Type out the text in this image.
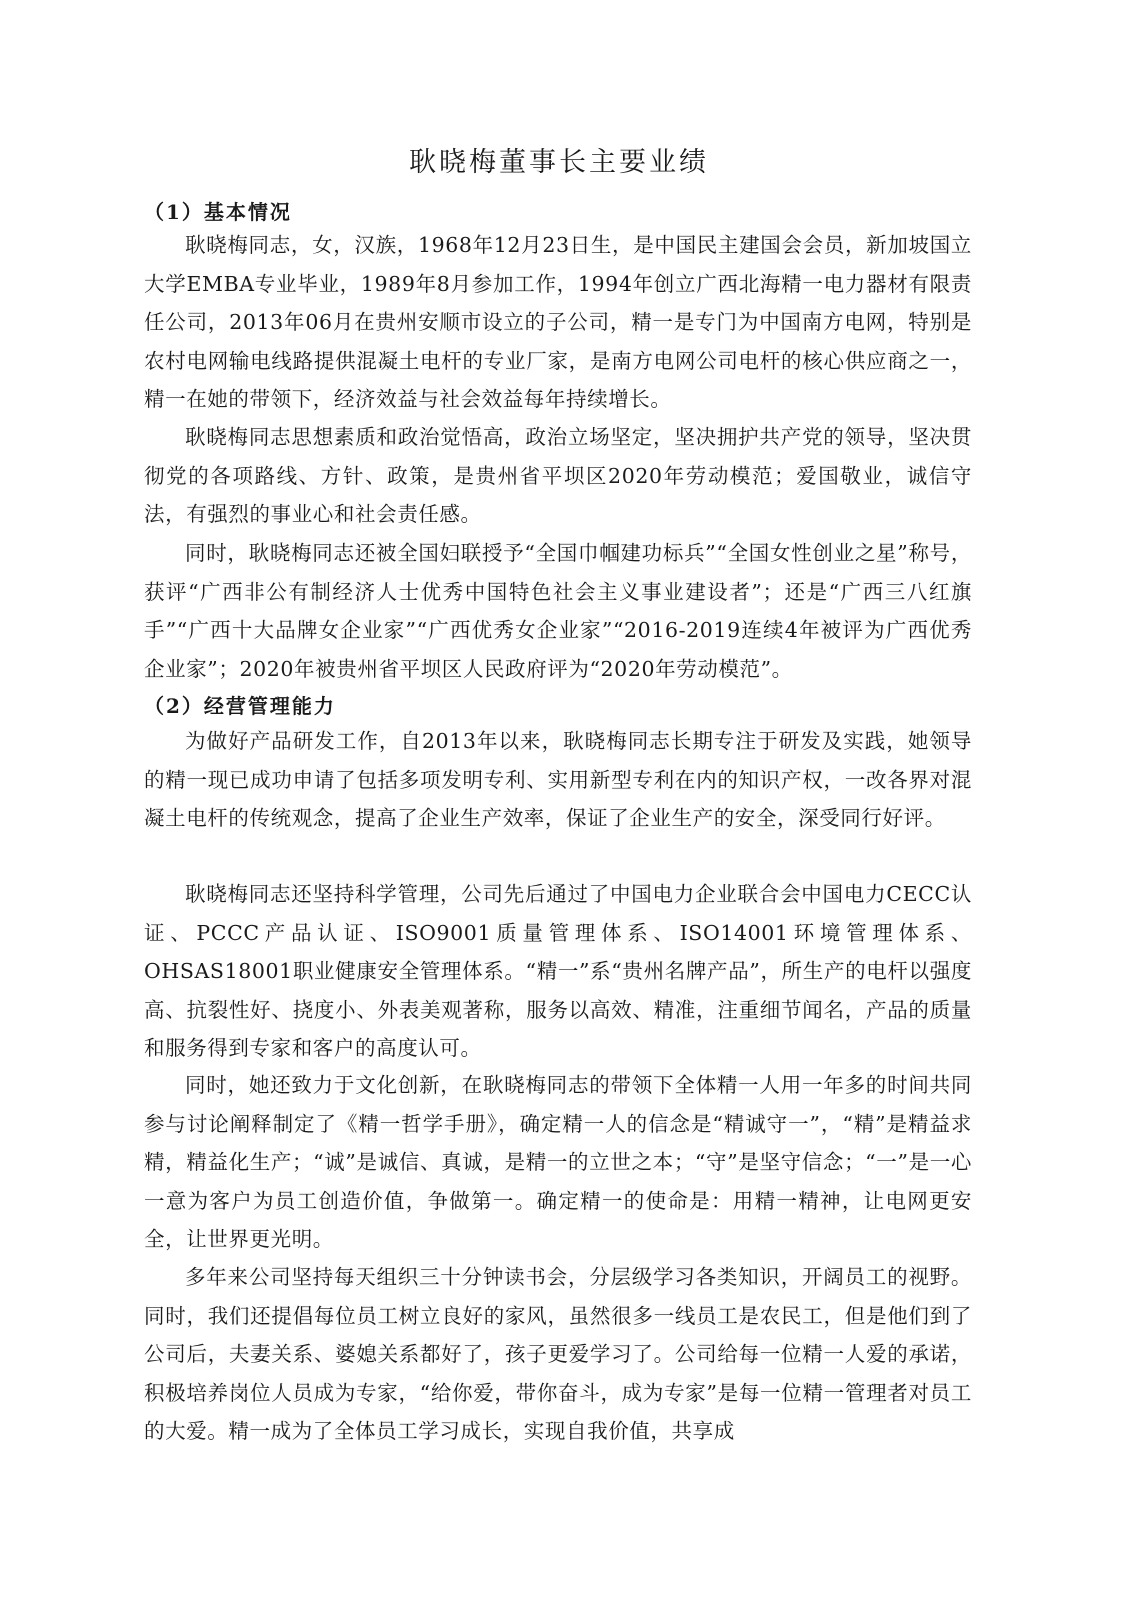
耿晓梅董事长主要业绩
（1）基本情况

耿晓梅同志，女，汉族，1968年12月23日生，是中国民主建国会会员，新加坡国立大学EMBA专业毕业，1989年8月参加工作，1994年创立广西北海精一电力器材有限责任公司，2013年06月在贵州安顺市设立的子公司，精一是专门为中国南方电网，特别是农村电网输电线路提供混凝土电杆的专业厂家，是南方电网公司电杆的核心供应商之一，精一在她的带领下，经济效益与社会效益每年持续增长。

耿晓梅同志思想素质和政治觉悟高，政治立场坚定，坚决拥护共产党的领导，坚决贯彻党的各项路线、方针、政策，是贵州省平坝区2020年劳动模范；爱国敬业，诚信守法，有强烈的事业心和社会责任感。

同时，耿晓梅同志还被全国妇联授予“全国巾帼建功标兵”“全国女性创业之星”称号，获评“广西非公有制经济人士优秀中国特色社会主义事业建设者”；还是“广西三八红旗手”“广西十大品牌女企业家”“广西优秀女企业家”“2016-2019连续4年被评为广西优秀企业家”；2020年被贵州省平坝区人民政府评为“2020年劳动模范”。

（2）经营管理能力

为做好产品研发工作，自2013年以来，耿晓梅同志长期专注于研发及实践，她领导的精一现已成功申请了包括多项发明专利、实用新型专利在内的知识产权，一改各界对混凝土电杆的传统观念，提高了企业生产效率，保证了企业生产的安全，深受同行好评。

耿晓梅同志还坚持科学管理，公司先后通过了中国电力企业联合会中国电力CECC认证、PCCC产品认证、ISO9001质量管理体系、ISO14001环境管理体系、OHSAS18001职业健康安全管理体系。“精一”系“贵州名牌产品”，所生产的电杆以强度高、抗裂性好、挠度小、外表美观著称，服务以高效、精准，注重细节闻名，产品的质量和服务得到专家和客户的高度认可。

同时，她还致力于文化创新，在耿晓梅同志的带领下全体精一人用一年多的时间共同参与讨论阐释制定了《精一哲学手册》，确定精一人的信念是“精诚守一”，“精”是精益求精，精益化生产；“诚”是诚信、真诚，是精一的立世之本；“守”是坚守信念；“一”是一心一意为客户为员工创造价值，争做第一。确定精一的使命是：用精一精神，让电网更安全，让世界更光明。

多年来公司坚持每天组织三十分钟读书会，分层级学习各类知识，开阔员工的视野。同时，我们还提倡每位员工树立良好的家风，虽然很多一线员工是农民工，但是他们到了公司后，夫妻关系、婆媳关系都好了，孩子更爱学习了。公司给每一位精一人爱的承诺，积极培养岗位人员成为专家，“给你爱，带你奋斗，成为专家”是每一位精一管理者对员工的大爱。精一成为了全体员工学习成长，实现自我价值，共享成
